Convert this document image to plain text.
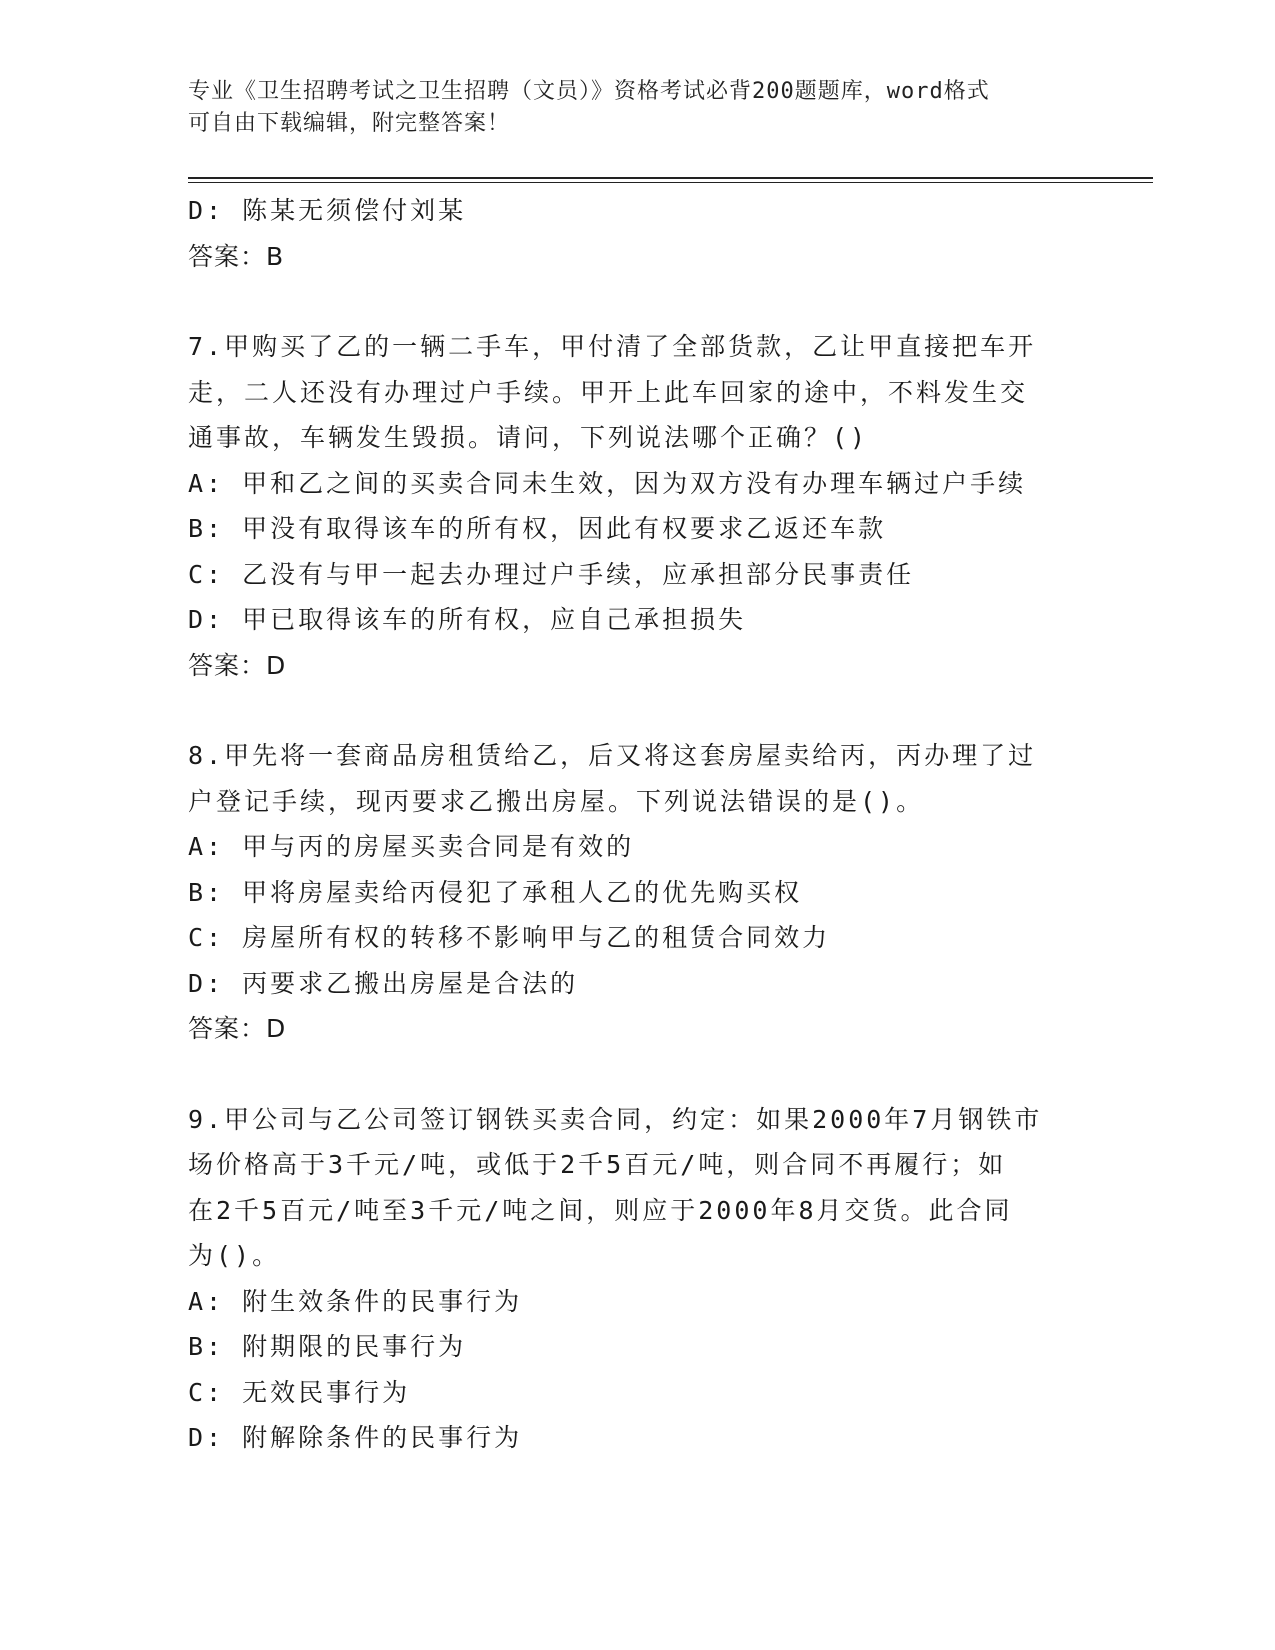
专业《卫生招聘考试之卫生招聘（文员）》资格考试必背200题题库，word格式
可自由下载编辑，附完整答案！
D: 陈某无须偿付刘某
答案：B
7.甲购买了乙的一辆二手车，甲付清了全部货款，乙让甲直接把车开
走，二人还没有办理过户手续。甲开上此车回家的途中，不料发生交
通事故，车辆发生毁损。请问，下列说法哪个正确？()
A: 甲和乙之间的买卖合同未生效，因为双方没有办理车辆过户手续
B: 甲没有取得该车的所有权，因此有权要求乙返还车款
C: 乙没有与甲一起去办理过户手续，应承担部分民事责任
D: 甲已取得该车的所有权，应自己承担损失
答案：D
8.甲先将一套商品房租赁给乙，后又将这套房屋卖给丙，丙办理了过
户登记手续，现丙要求乙搬出房屋。下列说法错误的是()。
A: 甲与丙的房屋买卖合同是有效的
B: 甲将房屋卖给丙侵犯了承租人乙的优先购买权
C: 房屋所有权的转移不影响甲与乙的租赁合同效力
D: 丙要求乙搬出房屋是合法的
答案：D
9.甲公司与乙公司签订钢铁买卖合同，约定：如果2000年7月钢铁市
场价格高于3千元/吨，或低于2千5百元/吨，则合同不再履行；如
在2千5百元/吨至3千元/吨之间，则应于2000年8月交货。此合同
为()。
A: 附生效条件的民事行为
B: 附期限的民事行为
C: 无效民事行为
D: 附解除条件的民事行为
